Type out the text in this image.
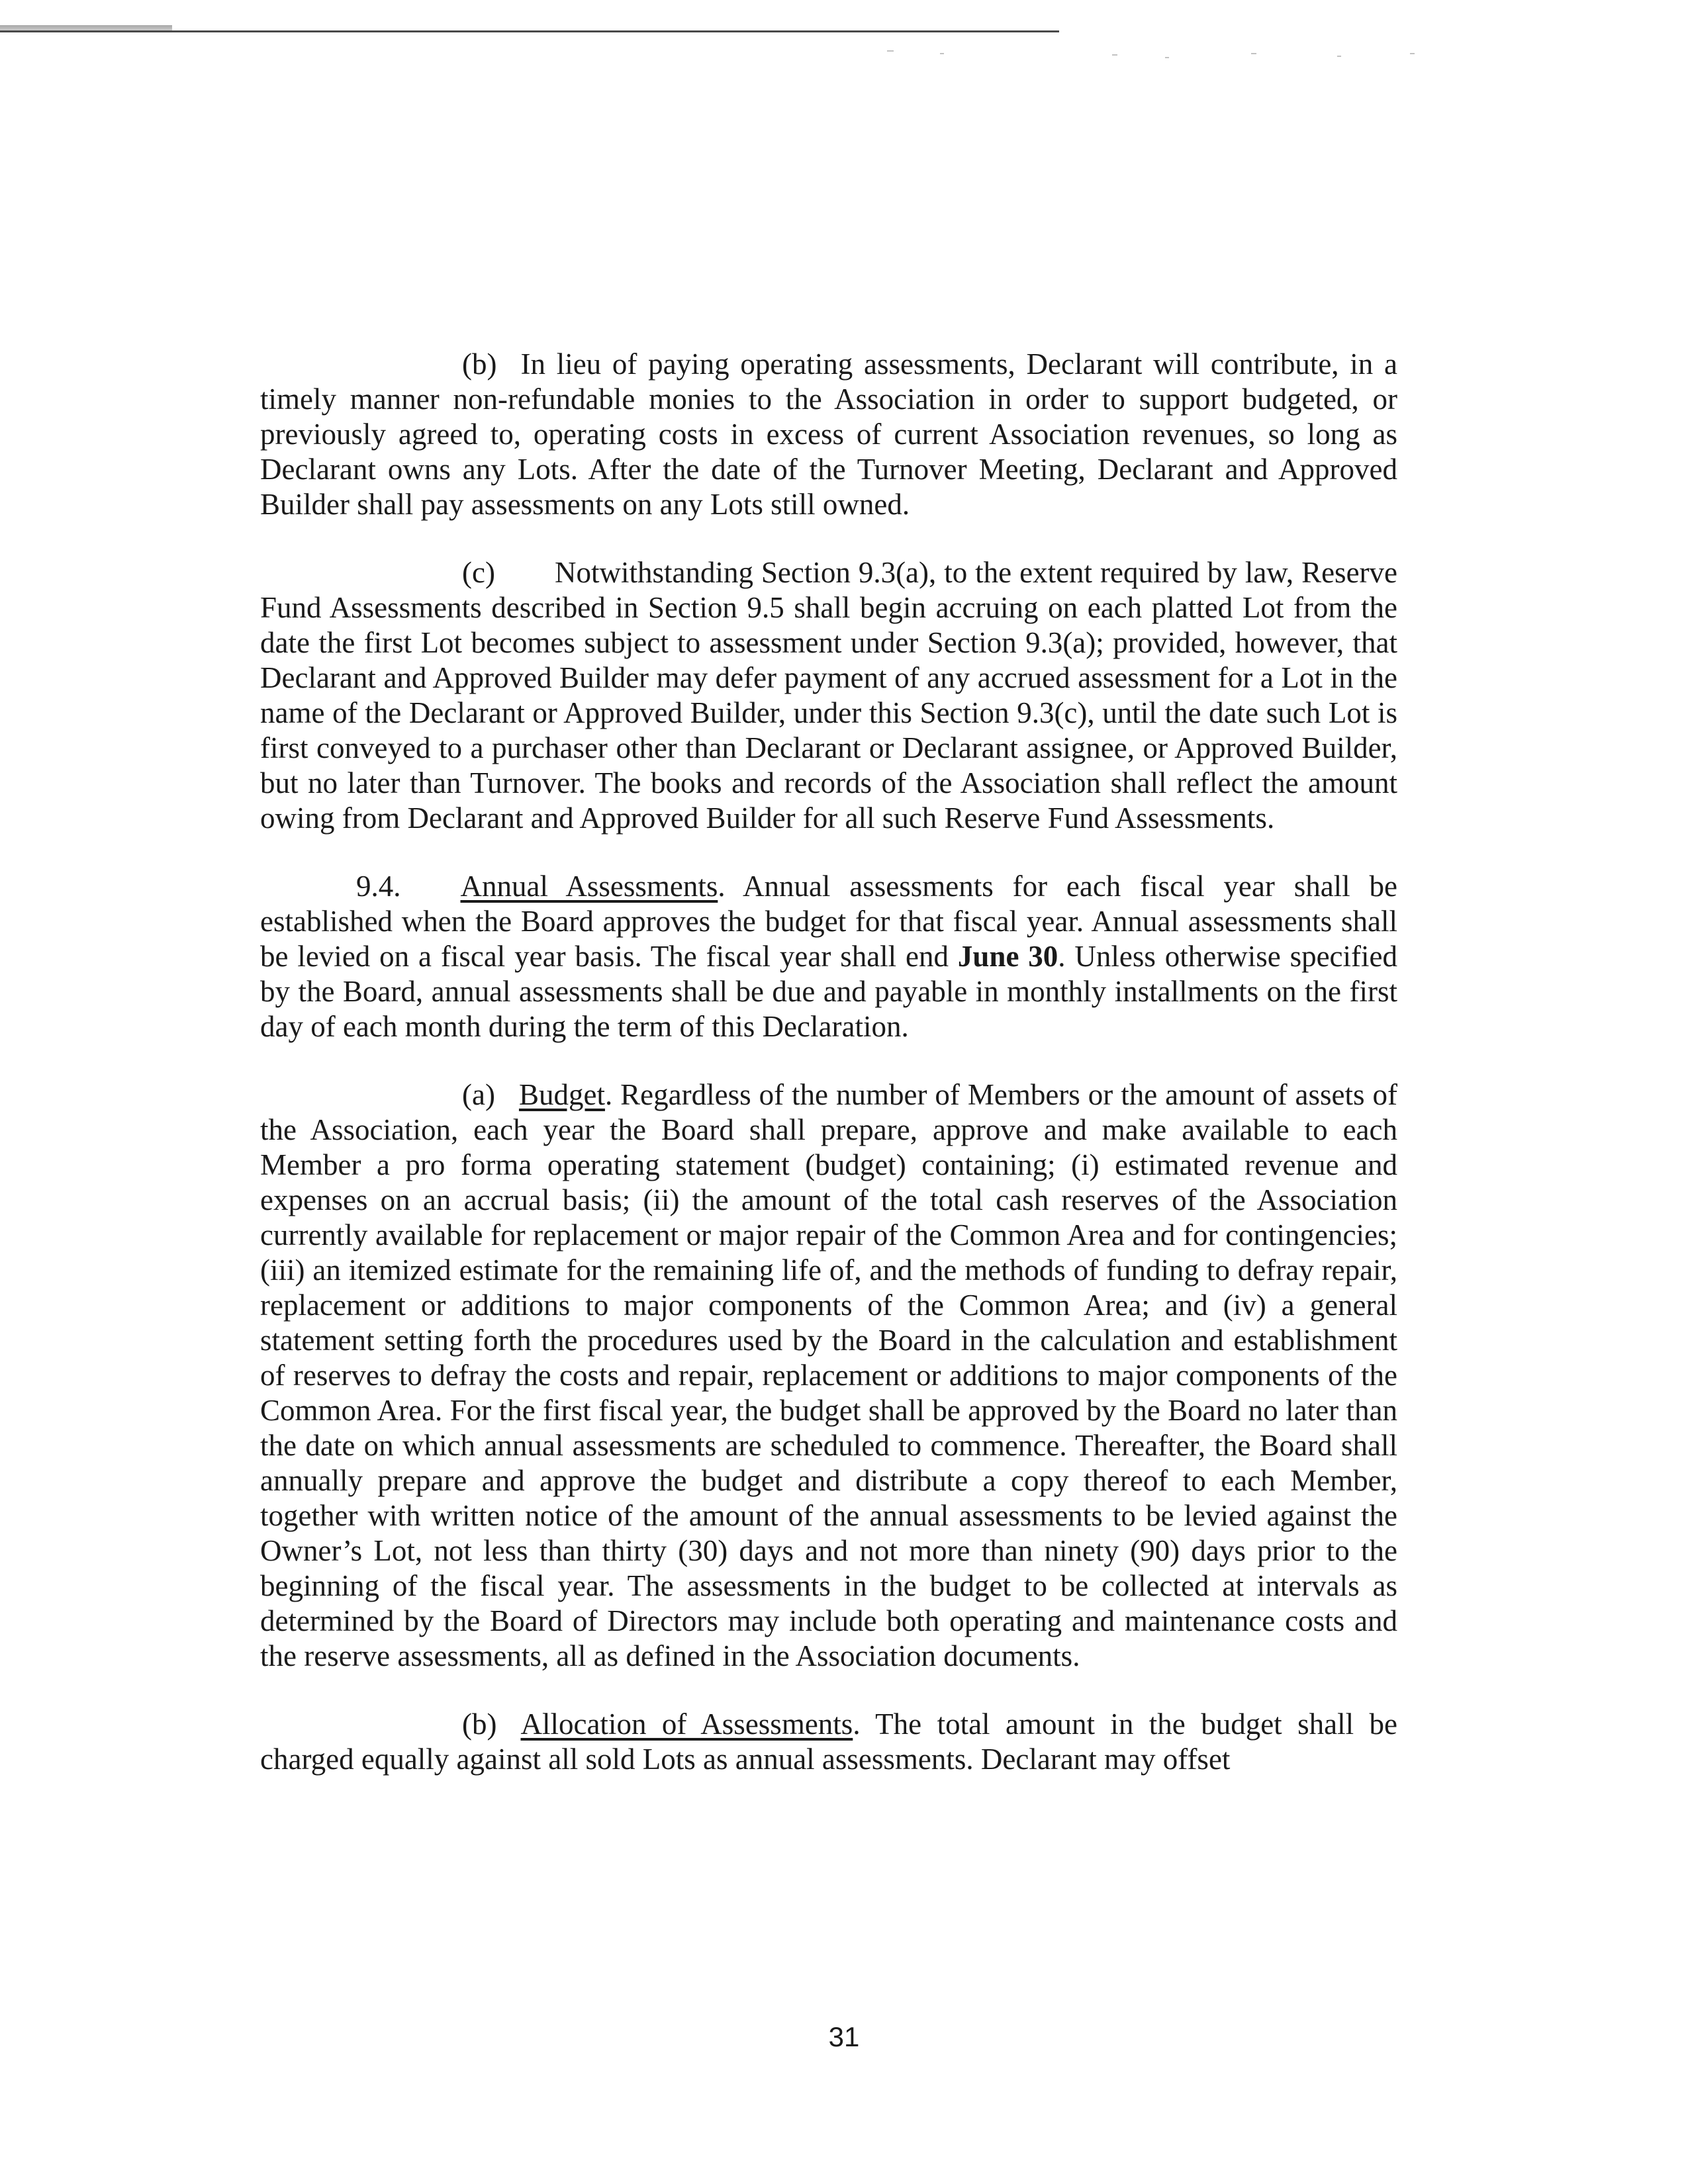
(b) In lieu of paying operating assessments, Declarant will contribute, in a timely manner non-refundable monies to the Association in order to support budgeted, or previously agreed to, operating costs in excess of current Association revenues, so long as Declarant owns any Lots. After the date of the Turnover Meeting, Declarant and Approved Builder shall pay assessments on any Lots still owned.

(c) Notwithstanding Section 9.3(a), to the extent required by law, Reserve Fund Assessments described in Section 9.5 shall begin accruing on each platted Lot from the date the first Lot becomes subject to assessment under Section 9.3(a); provided, however, that Declarant and Approved Builder may defer payment of any accrued assessment for a Lot in the name of the Declarant or Approved Builder, under this Section 9.3(c), until the date such Lot is first conveyed to a purchaser other than Declarant or Declarant assignee, or Approved Builder, but no later than Turnover. The books and records of the Association shall reflect the amount owing from Declarant and Approved Builder for all such Reserve Fund Assessments.

9.4. Annual Assessments. Annual assessments for each fiscal year shall be established when the Board approves the budget for that fiscal year. Annual assessments shall be levied on a fiscal year basis. The fiscal year shall end June 30. Unless otherwise specified by the Board, annual assessments shall be due and payable in monthly installments on the first day of each month during the term of this Declaration.

(a) Budget. Regardless of the number of Members or the amount of assets of the Association, each year the Board shall prepare, approve and make available to each Member a pro forma operating statement (budget) containing; (i) estimated revenue and expenses on an accrual basis; (ii) the amount of the total cash reserves of the Association currently available for replacement or major repair of the Common Area and for contingencies; (iii) an itemized estimate for the remaining life of, and the methods of funding to defray repair, replacement or additions to major components of the Common Area; and (iv) a general statement setting forth the procedures used by the Board in the calculation and establishment of reserves to defray the costs and repair, replacement or additions to major components of the Common Area. For the first fiscal year, the budget shall be approved by the Board no later than the date on which annual assessments are scheduled to commence. Thereafter, the Board shall annually prepare and approve the budget and distribute a copy thereof to each Member, together with written notice of the amount of the annual assessments to be levied against the Owner’s Lot, not less than thirty (30) days and not more than ninety (90) days prior to the beginning of the fiscal year. The assessments in the budget to be collected at intervals as determined by the Board of Directors may include both operating and maintenance costs and the reserve assessments, all as defined in the Association documents.

(b) Allocation of Assessments. The total amount in the budget shall be charged equally against all sold Lots as annual assessments. Declarant may offset

31
